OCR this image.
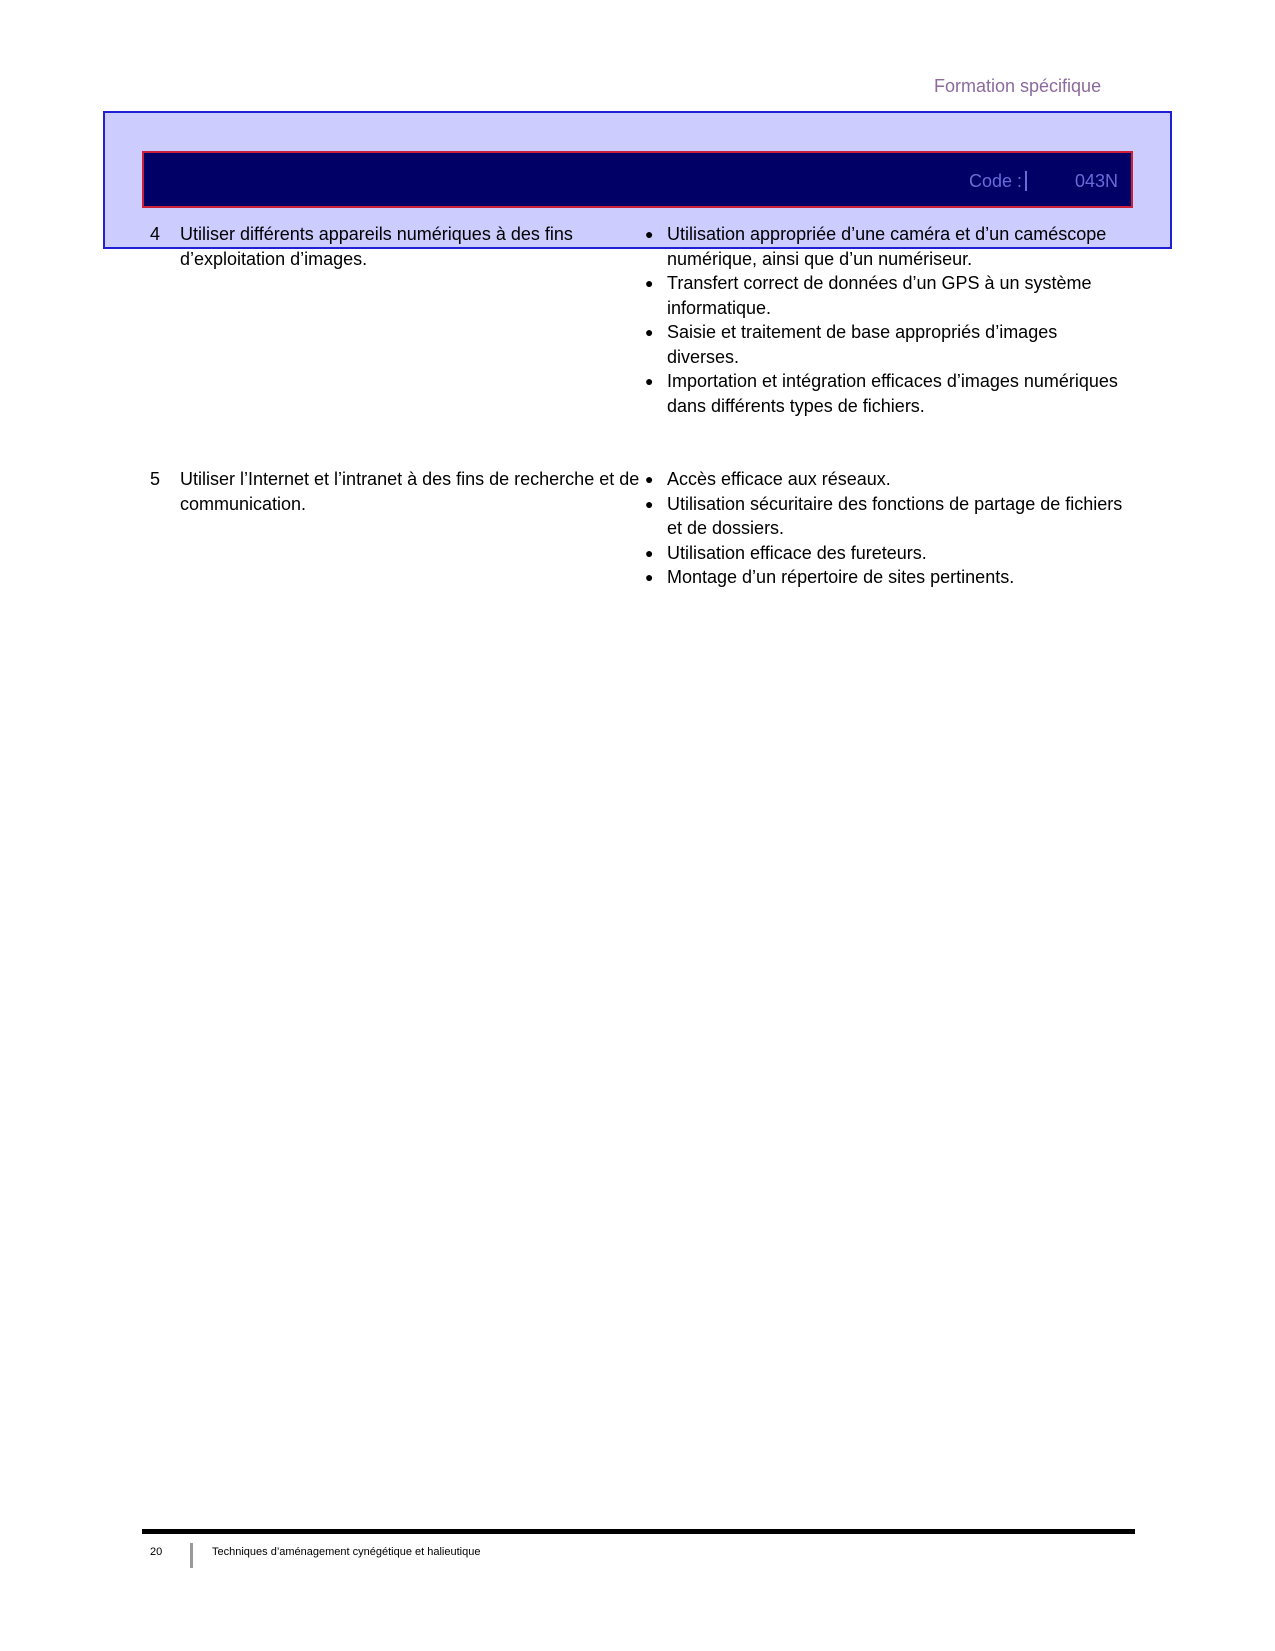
Formation spécifique
Code :	043N
4 Utiliser différents appareils numériques à des fins d’exploitation d’images.
● Utilisation appropriée d’une caméra et d’un caméscope numérique, ainsi que d’un numériseur.
● Transfert correct de données d’un GPS à un système informatique.
● Saisie et traitement de base appropriés d’images diverses.
● Importation et intégration efficaces d’images numériques dans différents types de fichiers.
5 Utiliser l’Internet et l’intranet à des fins de recherche et de communication.
● Accès efficace aux réseaux.
● Utilisation sécuritaire des fonctions de partage de fichiers et de dossiers.
● Utilisation efficace des fureteurs.
● Montage d’un répertoire de sites pertinents.
20	Techniques d’aménagement cynégétique et halieutique
